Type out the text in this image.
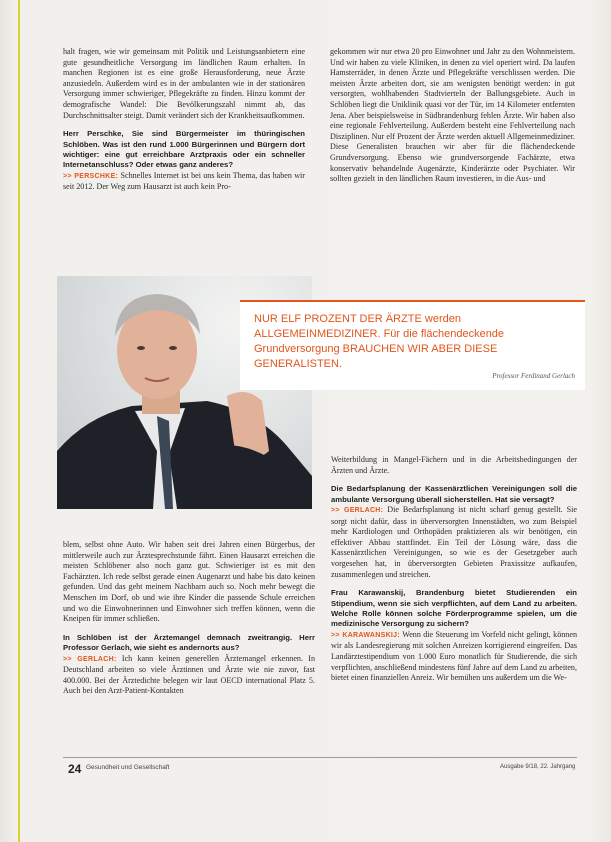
halt fragen, wie wir gemeinsam mit Politik und Leistungsanbietern eine gute gesundheitliche Versorgung im ländlichen Raum erhalten. In manchen Regionen ist es eine große Herausforderung, neue Ärzte anzusiedeln. Außerdem wird es in der ambulanten wie in der stationären Versorgung immer schwieriger, Pflegekräfte zu finden. Hinzu kommt der demografische Wandel: Die Bevölkerungszahl nimmt ab, das Durchschnittsalter steigt. Damit verändert sich der Krankheitsaufkommen.

Herr Perschke, Sie sind Bürgermeister im thüringischen Schlöben. Was ist den rund 1.000 Bürgerinnen und Bürgern dort wichtiger: eine gut erreichbare Arztpraxis oder ein schneller Internetanschluss? Oder etwas ganz anderes?

>> PERSCHKE: Schnelles Internet ist bei uns kein Thema, das haben wir seit 2012. Der Weg zum Hausarzt ist auch kein Pro-

gekommen wir nur etwa 20 pro Einwohner und Jahr zu den Wohnmeistern. Und wir haben zu viele Kliniken, in denen zu viel operiert wird. Da laufen Hamsterräder, in denen Ärzte und Pflegekräfte verschlissen werden. Die meisten Ärzte arbeiten dort, sie am wenigsten benötigt werden: in gut versorgten, wohlhabenden Stadtvierteln der Ballungsgebiete. Auch in Schlöben liegt die Uniklinik quasi vor der Tür, im 14 Kilometer entfernten Jena. Aber beispielsweise in Südbrandenburg fehlen Ärzte. Wir haben also eine regionale Fehlverteilung. Außerdem besteht eine Fehlverteilung nach Disziplinen. Nur elf Prozent der Ärzte werden aktuell Allgemeinmediziner. Diese Generalisten brauchen wir aber für die flächendeckende Grundversorgung. Ebenso wie grundversorgende Fachärzte, etwa konservativ behandelnde Augenärzte, Kinderärzte oder Psychiater. Wir sollten gezielt in den ländlichen Raum investieren, in die Aus- und

NUR ELF PROZENT DER ÄRZTE werden ALLGEMEINMEDIZINER. Für die flächendeckende Grundversorgung BRAUCHEN WIR ABER DIESE GENERALISTEN.
Professor Ferdinand Gerlach

blem, selbst ohne Auto. Wir haben seit drei Jahren einen Bürgerbus, der mittlerweile auch zur Ärztesprechstunde fährt. Einen Hausarzt erreichen die meisten Schlöbener also noch ganz gut. Schwieriger ist es mit den Fachärzten. Ich rede selbst gerade einen Augenarzt und habe bis dato keinen gefunden. Und das geht meinem Nachbarn auch so. Noch mehr bewegt die Menschen im Dorf, ob und wie ihre Kinder die passende Schule erreichen und wo die Einwohnerinnen und Einwohner sich treffen können, wenn die Kneipen für immer schließen.

In Schlöben ist der Ärztemangel demnach zweitrangig. Herr Professor Gerlach, wie sieht es andernorts aus?

>> GERLACH: Ich kann keinen generellen Ärztemangel erkennen. In Deutschland arbeiten so viele Ärztinnen und Ärzte wie nie zuvor, fast 400.000. Bei der Ärztedichte belegen wir laut OECD international Platz 5. Auch bei den Arzt-Patient-Kontakten

Weiterbildung in Mangel-Fächern und in die Arbeitsbedingungen der Ärzten und Ärzte.

Die Bedarfsplanung der Kassenärztlichen Vereinigungen soll die ambulante Versorgung überall sicherstellen. Hat sie versagt?

>> GERLACH: Die Bedarfsplanung ist nicht scharf genug gestellt. Sie sorgt nicht dafür, dass in überversorgten Innenstädten, wo zum Beispiel mehr Kardiologen und Orthopäden praktizieren als wir benötigen, ein effektiver Abbau stattfindet. Ein Teil der Lösung wäre, dass die Kassenärztlichen Vereinigungen, so wie es der Gesetzgeber auch vorgesehen hat, in überversorgten Gebieten Praxissitze aufkaufen, zusammenlegen und streichen.

Frau Karawanskij, Brandenburg bietet Studierenden ein Stipendium, wenn sie sich verpflichten, auf dem Land zu arbeiten. Welche Rolle können solche Förderprogramme spielen, um die medizinische Versorgung zu sichern?

>> KARAWANSKIJ: Wenn die Steuerung im Vorfeld nicht gelingt, können wir als Landesregierung mit solchen Anreizen korrigierend eingreifen. Das Landärztestipendium von 1.000 Euro monatlich für Studierende, die sich verpflichten, anschließend mindestens fünf Jahre auf dem Land zu arbeiten, bietet einen finanziellen Anreiz. Wir bemühen uns außerdem um die We-

24 Gesundheit und Gesellschaft	Ausgabe 9/18, 22. Jahrgang
